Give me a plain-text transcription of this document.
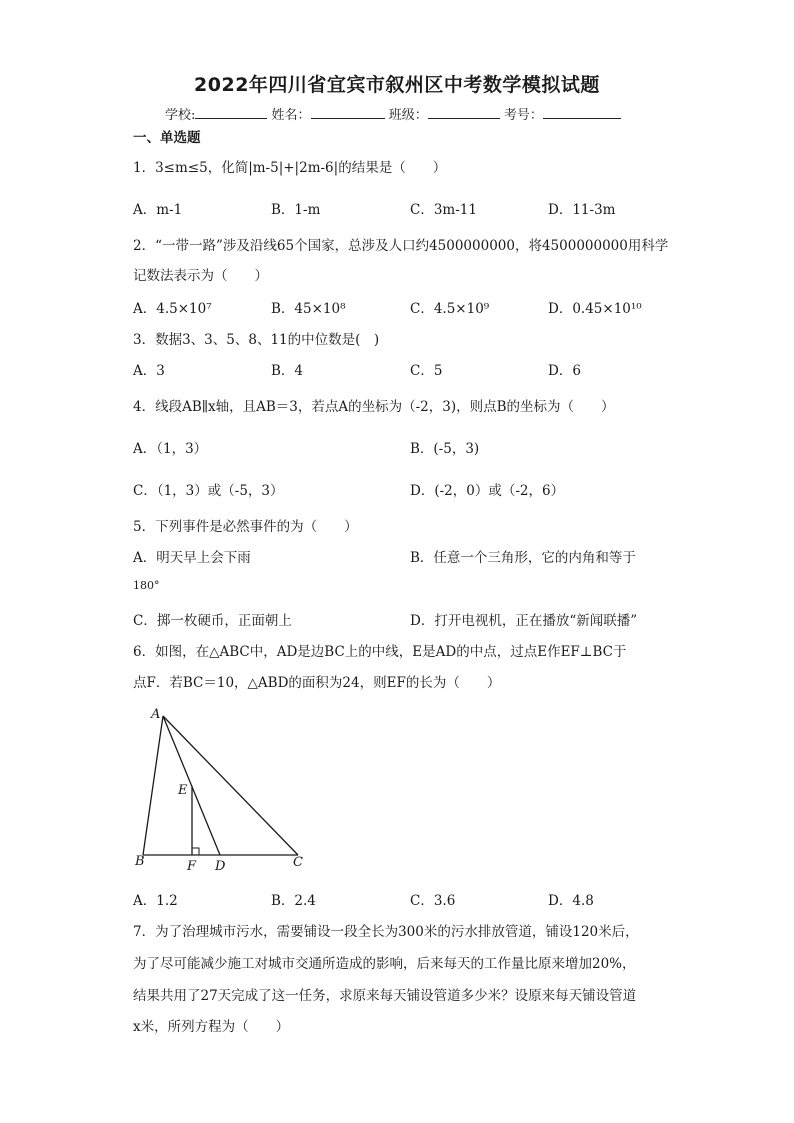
2022年四川省宜宾市叙州区中考数学模拟试题
学校:	姓名：	班级：	考号：
一、单选题
1．3≤m≤5，化简|m-5|+|2m-6|的结果是（　　）
A．m-1	B．1-m	C．3m-11	D．11-3m
2．“一带一路”涉及沿线65个国家，总涉及人口约4500000000，将4500000000用科学
记数法表示为（　　）
A．4.5×10⁷	B．45×10⁸	C．4.5×10⁹	D．0.45×10¹⁰
3．数据3、3、5、8、11的中位数是(　)
A．3	B．4	C．5	D．6
4．线段AB∥x轴，且AB＝3，若点A的坐标为（-2，3)，则点B的坐标为（　　）
A．（1，3）	B．(-5，3)
C．（1，3）或（-5，3）	D．(-2，0）或（-2，6）
5．下列事件是必然事件的为（　　）
A．明天早上会下雨	B．任意一个三角形，它的内角和等于
180°
C．掷一枚硬币，正面朝上	D．打开电视机，正在播放“新闻联播”
6．如图，在△ABC中，AD是边BC上的中线，E是AD的中点，过点E作EF⊥BC于
点F．若BC＝10，△ABD的面积为24，则EF的长为（　　）
A
B	C
D
E
F
A．1.2	B．2.4	C．3.6	D．4.8
7．为了治理城市污水，需要铺设一段全长为300米的污水排放管道，铺设120米后，
为了尽可能减少施工对城市交通所造成的影响，后来每天的工作量比原来增加20%，
结果共用了27天完成了这一任务，求原来每天铺设管道多少米？设原来每天铺设管道
x米，所列方程为（　　）
